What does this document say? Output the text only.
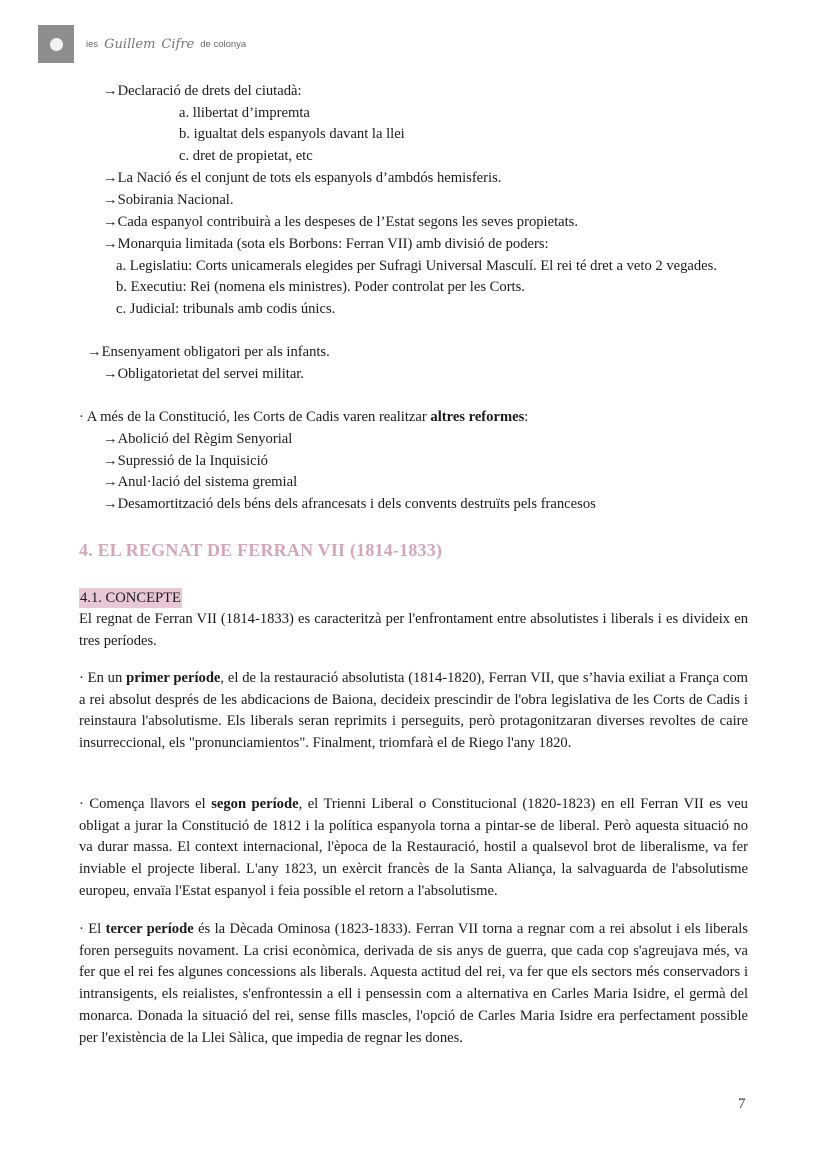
ies Guillem Cifre de colonya
→Declaració de drets del ciutadà:
a. llibertat d’impremta
b. igualtat dels espanyols davant la llei
c. dret de propietat, etc
→La Nació és el conjunt de tots els espanyols d’ambdós hemisferis.
→Sobirania Nacional.
→Cada espanyol contribuirà a les despeses de l’Estat segons les seves propietats.
→Monarquia limitada (sota els Borbons: Ferran VII) amb divisió de poders:
a. Legislatiu: Corts unicamerals elegides per Sufragi Universal Masculí. El rei té dret a veto 2 vegades.
b. Executiu: Rei (nomena els ministres). Poder controlat per les Corts.
c. Judicial: tribunals amb codis únics.
→Ensenyament obligatori per als infants.
→Obligatorietat del servei militar.
· A més de la Constitució, les Corts de Cadis varen realitzar altres reformes:
→Abolició del Règim Senyorial
→Supressió de la Inquisició
→Anul·lació del sistema gremial
→Desamortització dels béns dels afrancesats i dels convents destruïts pels francesos
4. EL REGNAT DE FERRAN VII (1814-1833)
4.1. CONCEPTE
El regnat de Ferran VII (1814-1833) es caracteritzà per l'enfrontament entre absolutistes i liberals i es divideix en tres períodes.
· En un primer període, el de la restauració absolutista (1814-1820), Ferran VII, que s’havia exiliat a França com a rei absolut després de les abdicacions de Baiona, decideix prescindir de l'obra legislativa de les Corts de Cadis i reinstaura l'absolutisme. Els liberals seran reprimits i perseguits, però protagonitzaran diverses revoltes de caire insurreccional, els "pronunciamientos". Finalment, triomfarà el de Riego l'any 1820.
· Comença llavors el segon període, el Trienni Liberal o Constitucional (1820-1823) en ell Ferran VII es veu obligat a jurar la Constitució de 1812 i la política espanyola torna a pintar-se de liberal. Però aquesta situació no va durar massa. El context internacional, l'època de la Restauració, hostil a qualsevol brot de liberalisme, va fer inviable el projecte liberal. L'any 1823, un exèrcit francès de la Santa Aliança, la salvaguarda de l'absolutisme europeu, envaïa l'Estat espanyol i feia possible el retorn a l'absolutisme.
· El tercer període és la Dècada Ominosa (1823-1833). Ferran VII torna a regnar com a rei absolut i els liberals foren perseguits novament. La crisi econòmica, derivada de sis anys de guerra, que cada cop s'agreujava més, va fer que el rei fes algunes concessions als liberals. Aquesta actitud del rei, va fer que els sectors més conservadors i intransigents, els reialistes, s'enfrontessin a ell i pensessin com a alternativa en Carles Maria Isidre, el germà del monarca. Donada la situació del rei, sense fills mascles, l'opció de Carles Maria Isidre era perfectament possible per l'existència de la Llei Sàlica, que impedia de regnar les dones.
7
